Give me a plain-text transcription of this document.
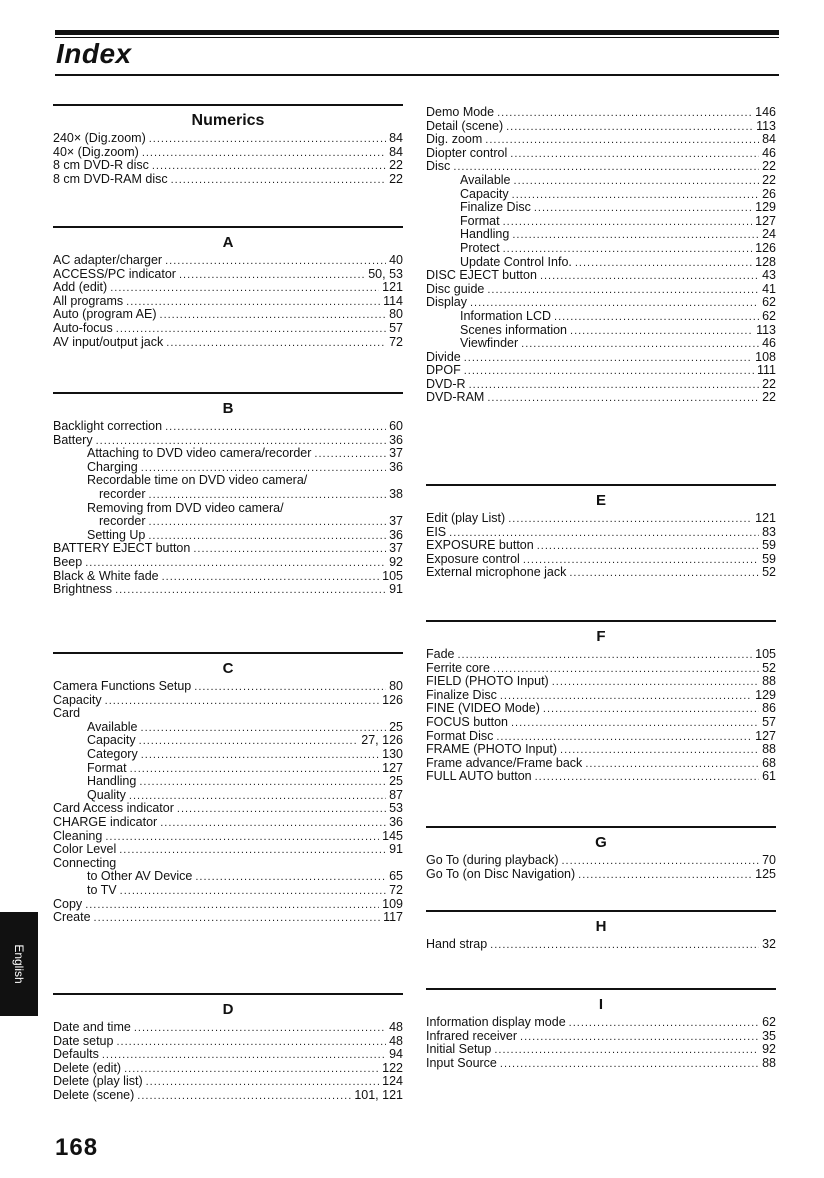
Index
Numerics
240× (Dig.zoom) .....	84
40× (Dig.zoom) .....	84
8 cm DVD-R disc .....	22
8 cm DVD-RAM disc .....	22
A
AC adapter/charger .....	40
ACCESS/PC indicator .....	50, 53
Add (edit) .....	121
All programs .....	114
Auto (program AE) .....	80
Auto-focus .....	57
AV input/output jack .....	72
B
Backlight correction .....	60
Battery .....	36
Attaching to DVD video camera/recorder .....	37
Charging .....	36
Recordable time on DVD video camera/
recorder .....	38
Removing from DVD video camera/
recorder .....	37
Setting Up .....	36
BATTERY EJECT button .....	37
Beep .....	92
Black & White fade .....	105
Brightness .....	91
C
Camera Functions Setup .....	80
Capacity .....	126
Card
Available .....	25
Capacity .....	27, 126
Category .....	130
Format .....	127
Handling .....	25
Quality .....	87
Card Access indicator .....	53
CHARGE indicator .....	36
Cleaning .....	145
Color Level .....	91
Connecting
to Other AV Device .....	65
to TV .....	72
Copy .....	109
Create .....	117
D
Date and time .....	48
Date setup .....	48
Defaults .....	94
Delete (edit) .....	122
Delete (play list) .....	124
Delete (scene) .....	101, 121
Demo Mode .....	146
Detail (scene) .....	113
Dig. zoom .....	84
Diopter control .....	46
Disc .....	22
Available .....	22
Capacity .....	26
Finalize Disc .....	129
Format .....	127
Handling .....	24
Protect .....	126
Update Control Info. .....	128
DISC EJECT button .....	43
Disc guide .....	41
Display .....	62
Information LCD .....	62
Scenes information .....	113
Viewfinder .....	46
Divide .....	108
DPOF .....	111
DVD-R .....	22
DVD-RAM .....	22
E
Edit (play List) .....	121
EIS .....	83
EXPOSURE button .....	59
Exposure control .....	59
External microphone jack .....	52
F
Fade .....	105
Ferrite core .....	52
FIELD (PHOTO Input) .....	88
Finalize Disc .....	129
FINE (VIDEO Mode) .....	86
FOCUS button .....	57
Format Disc .....	127
FRAME (PHOTO Input) .....	88
Frame advance/Frame back .....	68
FULL AUTO button .....	61
G
Go To (during playback) .....	70
Go To (on Disc Navigation) .....	125
H
Hand strap .....	32
I
Information display mode .....	62
Infrared receiver .....	35
Initial Setup .....	92
Input Source .....	88
English
168
